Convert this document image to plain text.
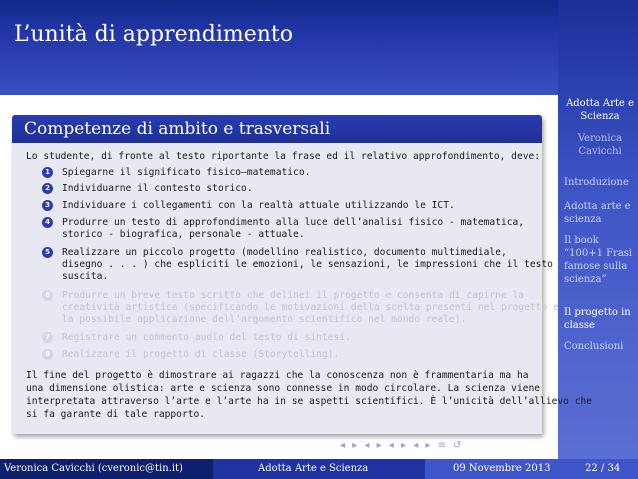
L’unità di apprendimento
Adotta Arte e Scienza
Veronica Cavicchi
Introduzione
Adotta arte e scienza
Il book “100+1 Frasi famose sulla scienza”
Il progetto in classe
Conclusioni
Competenze di ambito e trasversali
Lo studente, di fronte al testo riportante la frase ed il relativo approfondimento, deve:
1	Spiegarne il significato fisico–matematico.
2	Individuarne il contesto storico.
3	Individuare i collegamenti con la realtà attuale utilizzando le ICT.
4	Produrre un testo di approfondimento alla luce dell’analisi fisico - matematica,
storico - biografica, personale - attuale.
5	Realizzare un piccolo progetto (modellino realistico, documento multimediale,
disegno . . . ) che espliciti le emozioni, le sensazioni, le impressioni che il testo
suscita.
6	Produrre un breve testo scritto che delinei il progetto e consenta di capirne la
creatività artistica (specificando le motivazioni della scelta presenti nel progetto e
la possibile applicazione dell’argomento scientifico nel mondo reale).
7	Registrare un commento audio del testo di sintesi.
8	Realizzare il progetto di classe (Storytelling).
Il fine del progetto è dimostrare ai ragazzi che la conoscenza non è frammentaria ma ha
una dimensione olistica: arte e scienza sono connesse in modo circolare. La scienza viene
interpretata attraverso l’arte e l’arte ha in se aspetti scientifici. È l’unicità dell’allievo che
si fa garante di tale rapporto.
◂ ▸ ◂ ▸ ◂ ▸ ◂ ▸ ≡ ↺
Veronica Cavicchi (cveronic@tin.it)	Adotta Arte e Scienza	09 Novembre 2013	22 / 34
